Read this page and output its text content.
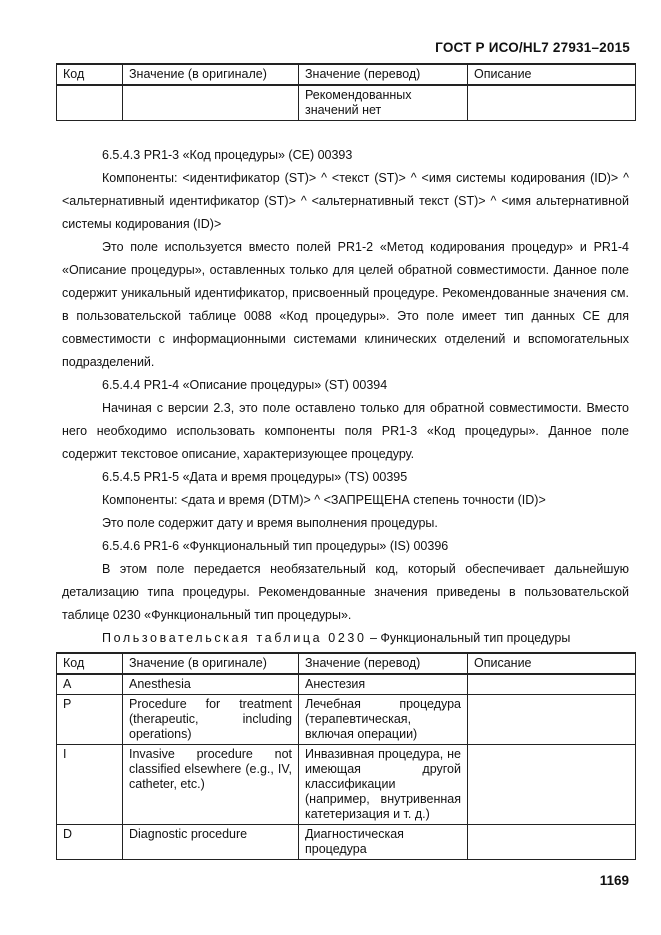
ГОСТ Р ИСО/HL7 27931–2015
Код	Значение (в оригинале)	Значение (перевод)	Описание
		Рекомендованных значений нет	

6.5.4.3 PR1-3 «Код процедуры» (CE) 00393

Компоненты: <идентификатор (ST)> ^ <текст (ST)> ^ <имя системы кодирования (ID)> ^ <альтернативный идентификатор (ST)> ^ <альтернативный текст (ST)> ^ <имя альтернативной системы кодирования (ID)>

Это поле используется вместо полей PR1-2 «Метод кодирования процедур» и PR1-4 «Описание процедуры», оставленных только для целей обратной совместимости. Данное поле содержит уникальный идентификатор, присвоенный процедуре. Рекомендованные значения см. в пользовательской таблице 0088 «Код процедуры». Это поле имеет тип данных CE для совместимости с информационными системами клинических отделений и вспомогательных подразделений.

6.5.4.4 PR1-4 «Описание процедуры» (ST) 00394

Начиная с версии 2.3, это поле оставлено только для обратной совместимости. Вместо него необходимо использовать компоненты поля PR1-3 «Код процедуры». Данное поле содержит текстовое описание, характеризующее процедуру.

6.5.4.5 PR1-5 «Дата и время процедуры» (TS) 00395

Компоненты: <дата и время (DTM)> ^ <ЗАПРЕЩЕНА степень точности (ID)>

Это поле содержит дату и время выполнения процедуры.

6.5.4.6 PR1-6 «Функциональный тип процедуры» (IS) 00396

В этом поле передается необязательный код, который обеспечивает дальнейшую детализацию типа процедуры. Рекомендованные значения приведены в пользовательской таблице 0230 «Функциональный тип процедуры».

Пользовательская таблица 0230 – Функциональный тип процедуры

Код	Значение (в оригинале)	Значение (перевод)	Описание
A	Anesthesia	Анестезия	
P	Procedure for treatment (therapeutic, including operations)	Лечебная процедура (терапевтическая, включая операции)	
I	Invasive procedure not classified elsewhere (e.g., IV, catheter, etc.)	Инвазивная процедура, не имеющая другой классификации (например, внутривенная катетеризация и т. д.)	
D	Diagnostic procedure	Диагностическая процедура	
1169
